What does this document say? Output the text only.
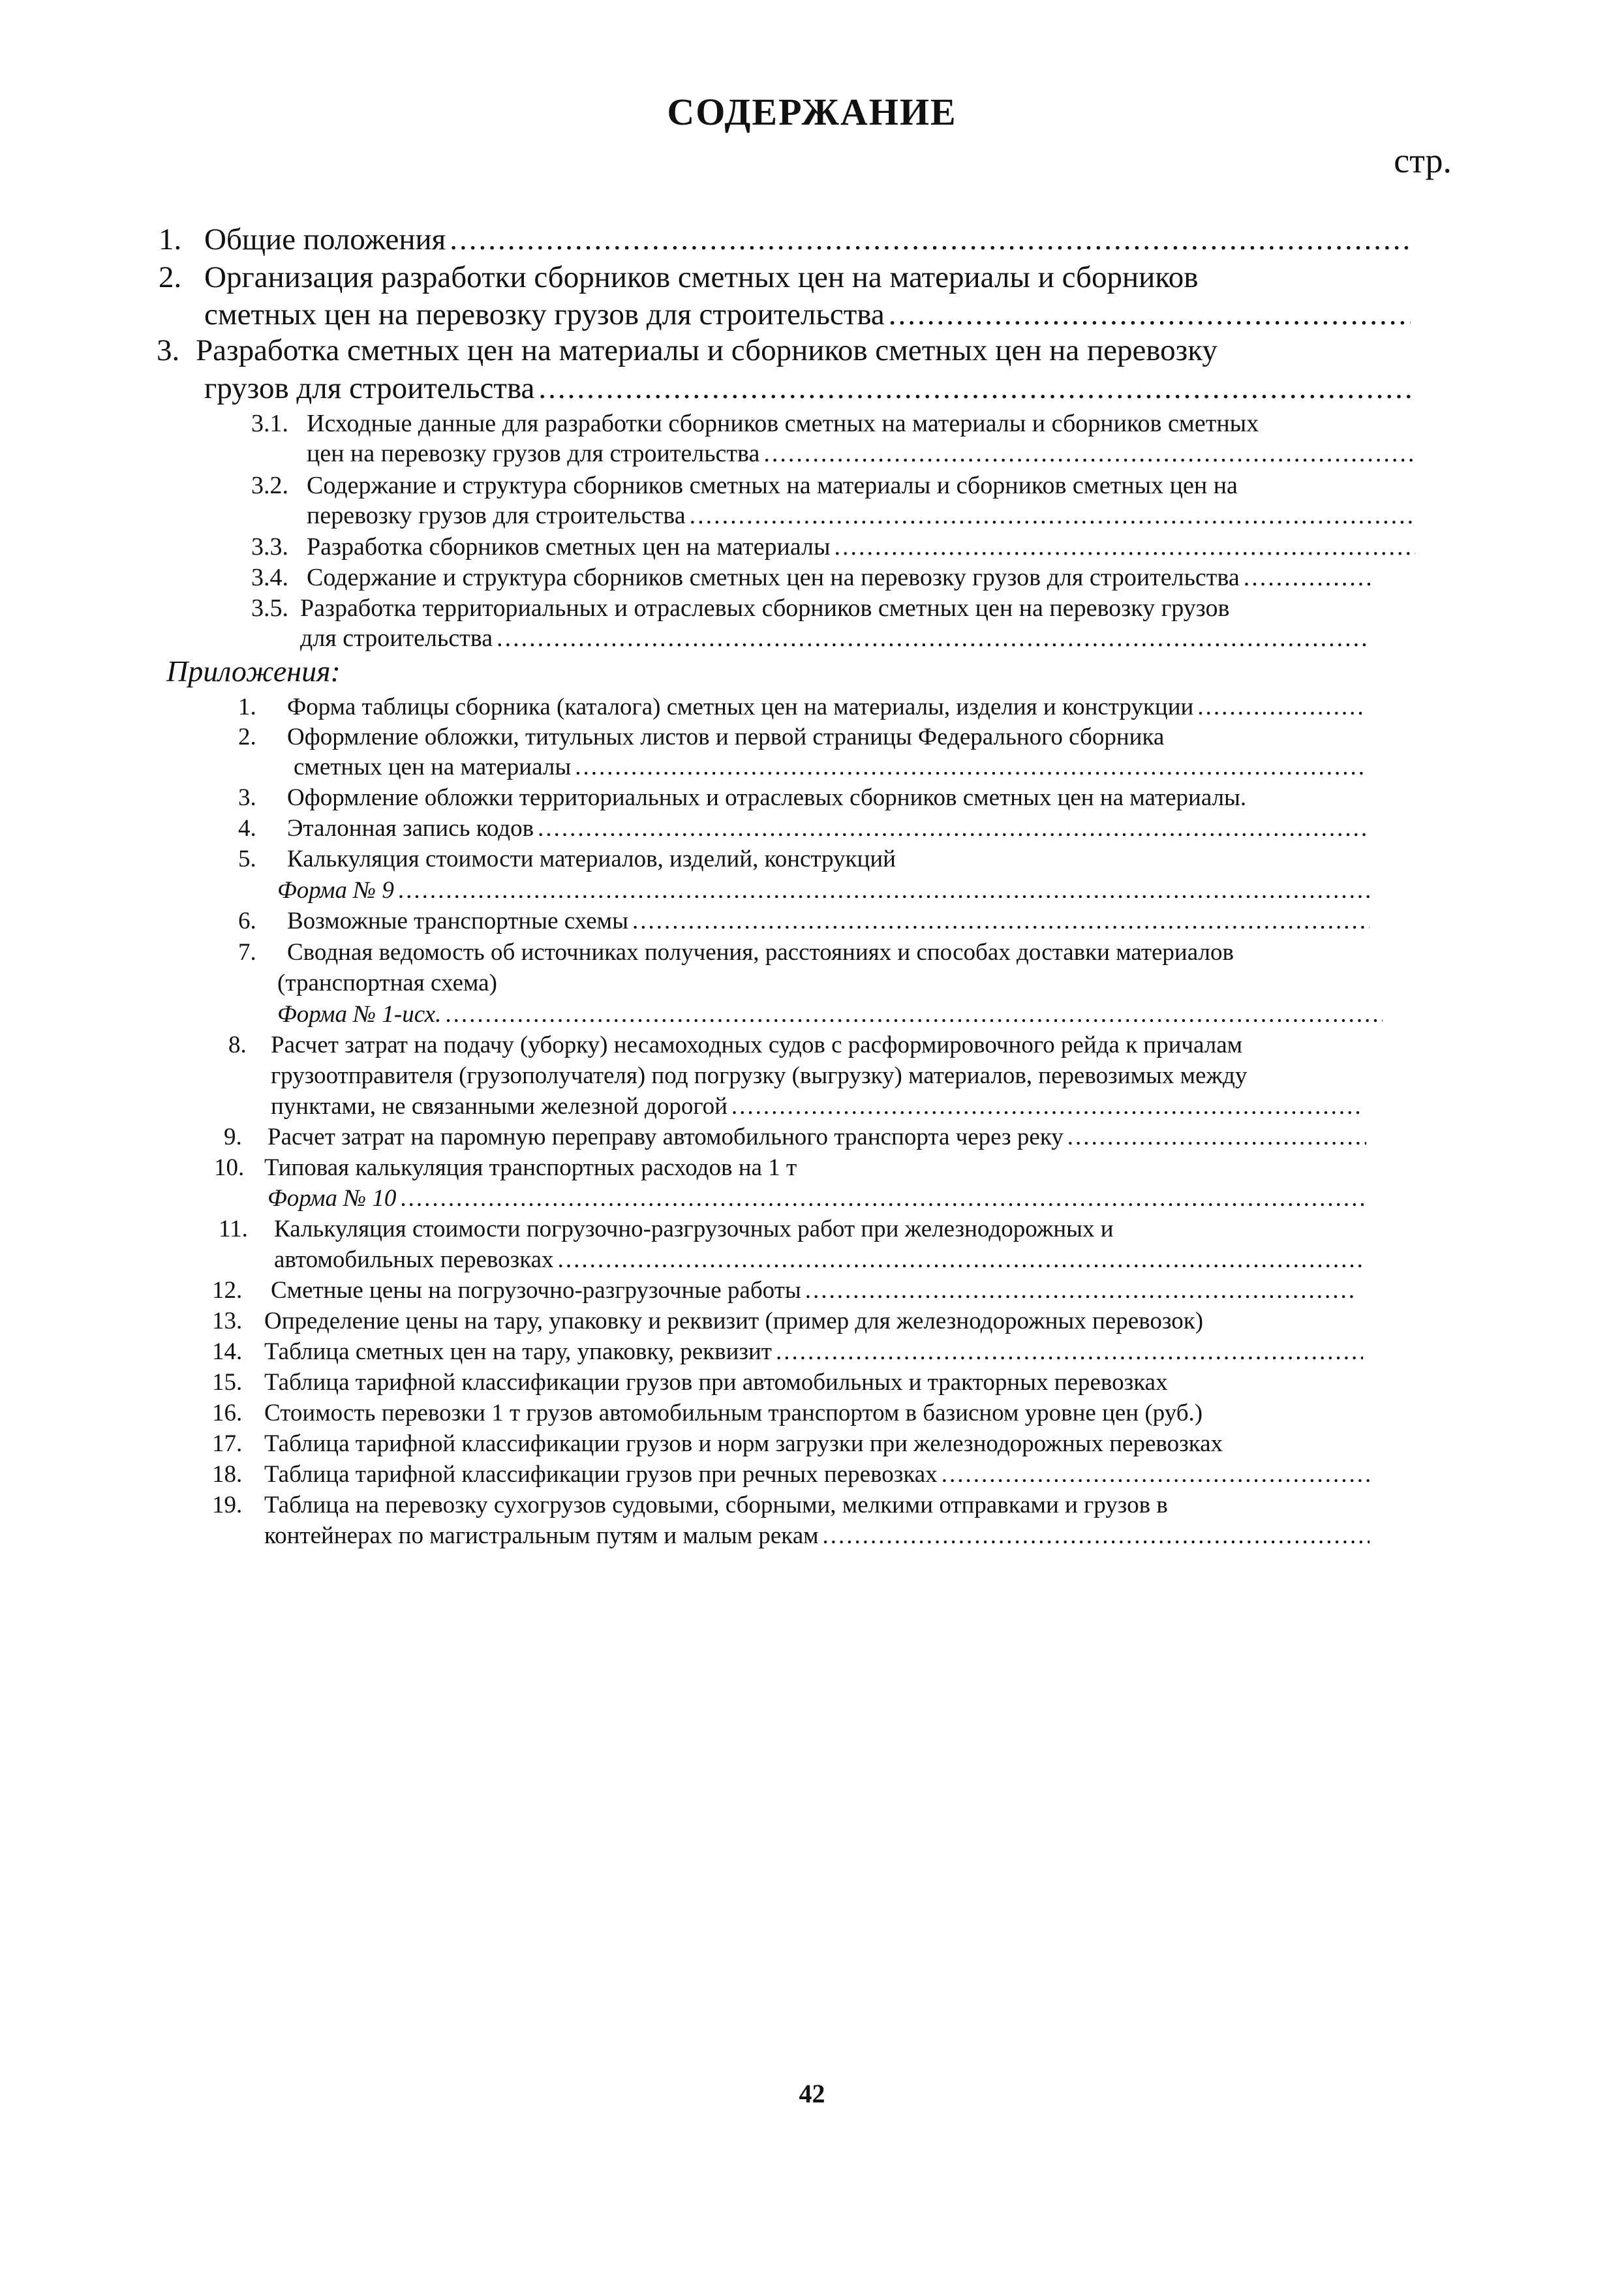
СОДЕРЖАНИЕ
стр.
1. Общие положения
.....
2. Организация разработки сборников сметных цен на материалы и сборников
сметных цен на перевозку грузов для строительства
.....
3. Разработка сметных цен на материалы и сборников сметных цен на перевозку
грузов для строительства
.....
3.1. Исходные данные для разработки сборников сметных на материалы и сборников сметных
цен на перевозку грузов для строительства
.....
3.2. Содержание и структура сборников сметных на материалы и сборников сметных цен на
перевозку грузов для строительства
.....
3.3. Разработка сборников сметных цен на материалы
.....
3.4. Содержание и структура сборников сметных цен на перевозку грузов для строительства
.....
3.5. Разработка территориальных и отраслевых сборников сметных цен на перевозку грузов
для строительства
.....
Приложения:
1. Форма таблицы сборника (каталога) сметных цен на материалы, изделия и конструкции
.....
2. Оформление обложки, титульных листов и первой страницы Федерального сборника
сметных цен на материалы
.....
3. Оформление обложки территориальных и отраслевых сборников сметных цен на материалы.
4. Эталонная запись кодов
.....
5. Калькуляция стоимости материалов, изделий, конструкций
Форма № 9
.....
6. Возможные транспортные схемы
.....
7. Сводная ведомость об источниках получения, расстояниях и способах доставки материалов
(транспортная схема)
Форма № 1-исх.
.....
8. Расчет затрат на подачу (уборку) несамоходных судов с расформировочного рейда к причалам
грузоотправителя (грузополучателя) под погрузку (выгрузку) материалов, перевозимых между
пунктами, не связанными железной дорогой
.....
9. Расчет затрат на паромную переправу автомобильного транспорта через реку
.....
10. Типовая калькуляция транспортных расходов на 1 т
Форма № 10
.....
11. Калькуляция стоимости погрузочно-разгрузочных работ при железнодорожных и
автомобильных перевозках
.....
12. Сметные цены на погрузочно-разгрузочные работы
.....
13. Определение цены на тару, упаковку и реквизит (пример для железнодорожных перевозок)
14. Таблица сметных цен на тару, упаковку, реквизит
.....
15. Таблица тарифной классификации грузов при автомобильных и тракторных перевозках
16. Стоимость перевозки 1 т грузов автомобильным транспортом в базисном уровне цен (руб.)
17. Таблица тарифной классификации грузов и норм загрузки при железнодорожных перевозках
18. Таблица тарифной классификации грузов при речных перевозках
.....
19. Таблица на перевозку сухогрузов судовыми, сборными, мелкими отправками и грузов в
контейнерах по магистральным путям и малым рекам
.....
42
